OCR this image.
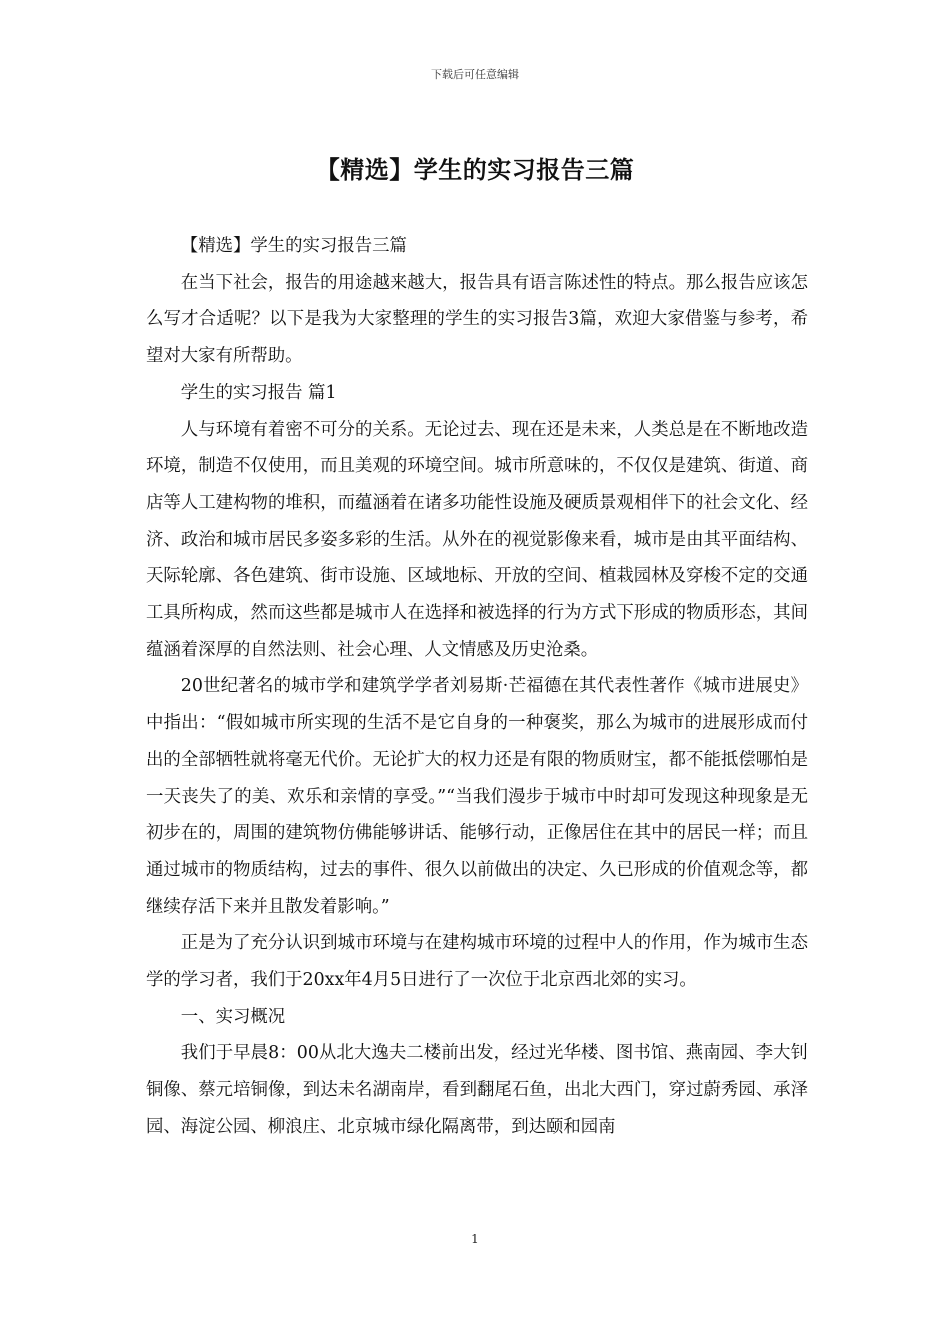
下载后可任意编辑
【精选】学生的实习报告三篇

【精选】学生的实习报告三篇

在当下社会，报告的用途越来越大，报告具有语言陈述性的特点。那么报告应该怎么写才合适呢？以下是我为大家整理的学生的实习报告3篇，欢迎大家借鉴与参考，希望对大家有所帮助。

学生的实习报告 篇1

人与环境有着密不可分的关系。无论过去、现在还是未来，人类总是在不断地改造环境，制造不仅使用，而且美观的环境空间。城市所意味的，不仅仅是建筑、街道、商店等人工建构物的堆积，而蕴涵着在诸多功能性设施及硬质景观相伴下的社会文化、经济、政治和城市居民多姿多彩的生活。从外在的视觉影像来看，城市是由其平面结构、天际轮廓、各色建筑、街市设施、区域地标、开放的空间、植栽园林及穿梭不定的交通工具所构成，然而这些都是城市人在选择和被选择的行为方式下形成的物质形态，其间蕴涵着深厚的自然法则、社会心理、人文情感及历史沧桑。

20世纪著名的城市学和建筑学学者刘易斯·芒福德在其代表性著作《城市进展史》中指出：“假如城市所实现的生活不是它自身的一种褒奖，那么为城市的进展形成而付出的全部牺牲就将毫无代价。无论扩大的权力还是有限的物质财宝，都不能抵偿哪怕是一天丧失了的美、欢乐和亲情的享受。”“当我们漫步于城市中时却可发现这种现象是无初步在的，周围的建筑物仿佛能够讲话、能够行动，正像居住在其中的居民一样；而且通过城市的物质结构，过去的事件、很久以前做出的决定、久已形成的价值观念等，都继续存活下来并且散发着影响。”

正是为了充分认识到城市环境与在建构城市环境的过程中人的作用，作为城市生态学的学习者，我们于20xx年4月5日进行了一次位于北京西北郊的实习。

一、实习概况

我们于早晨8：00从北大逸夫二楼前出发，经过光华楼、图书馆、燕南园、李大钊铜像、蔡元培铜像，到达未名湖南岸，看到翻尾石鱼，出北大西门，穿过蔚秀园、承泽园、海淀公园、柳浪庄、北京城市绿化隔离带，到达颐和园南

1
